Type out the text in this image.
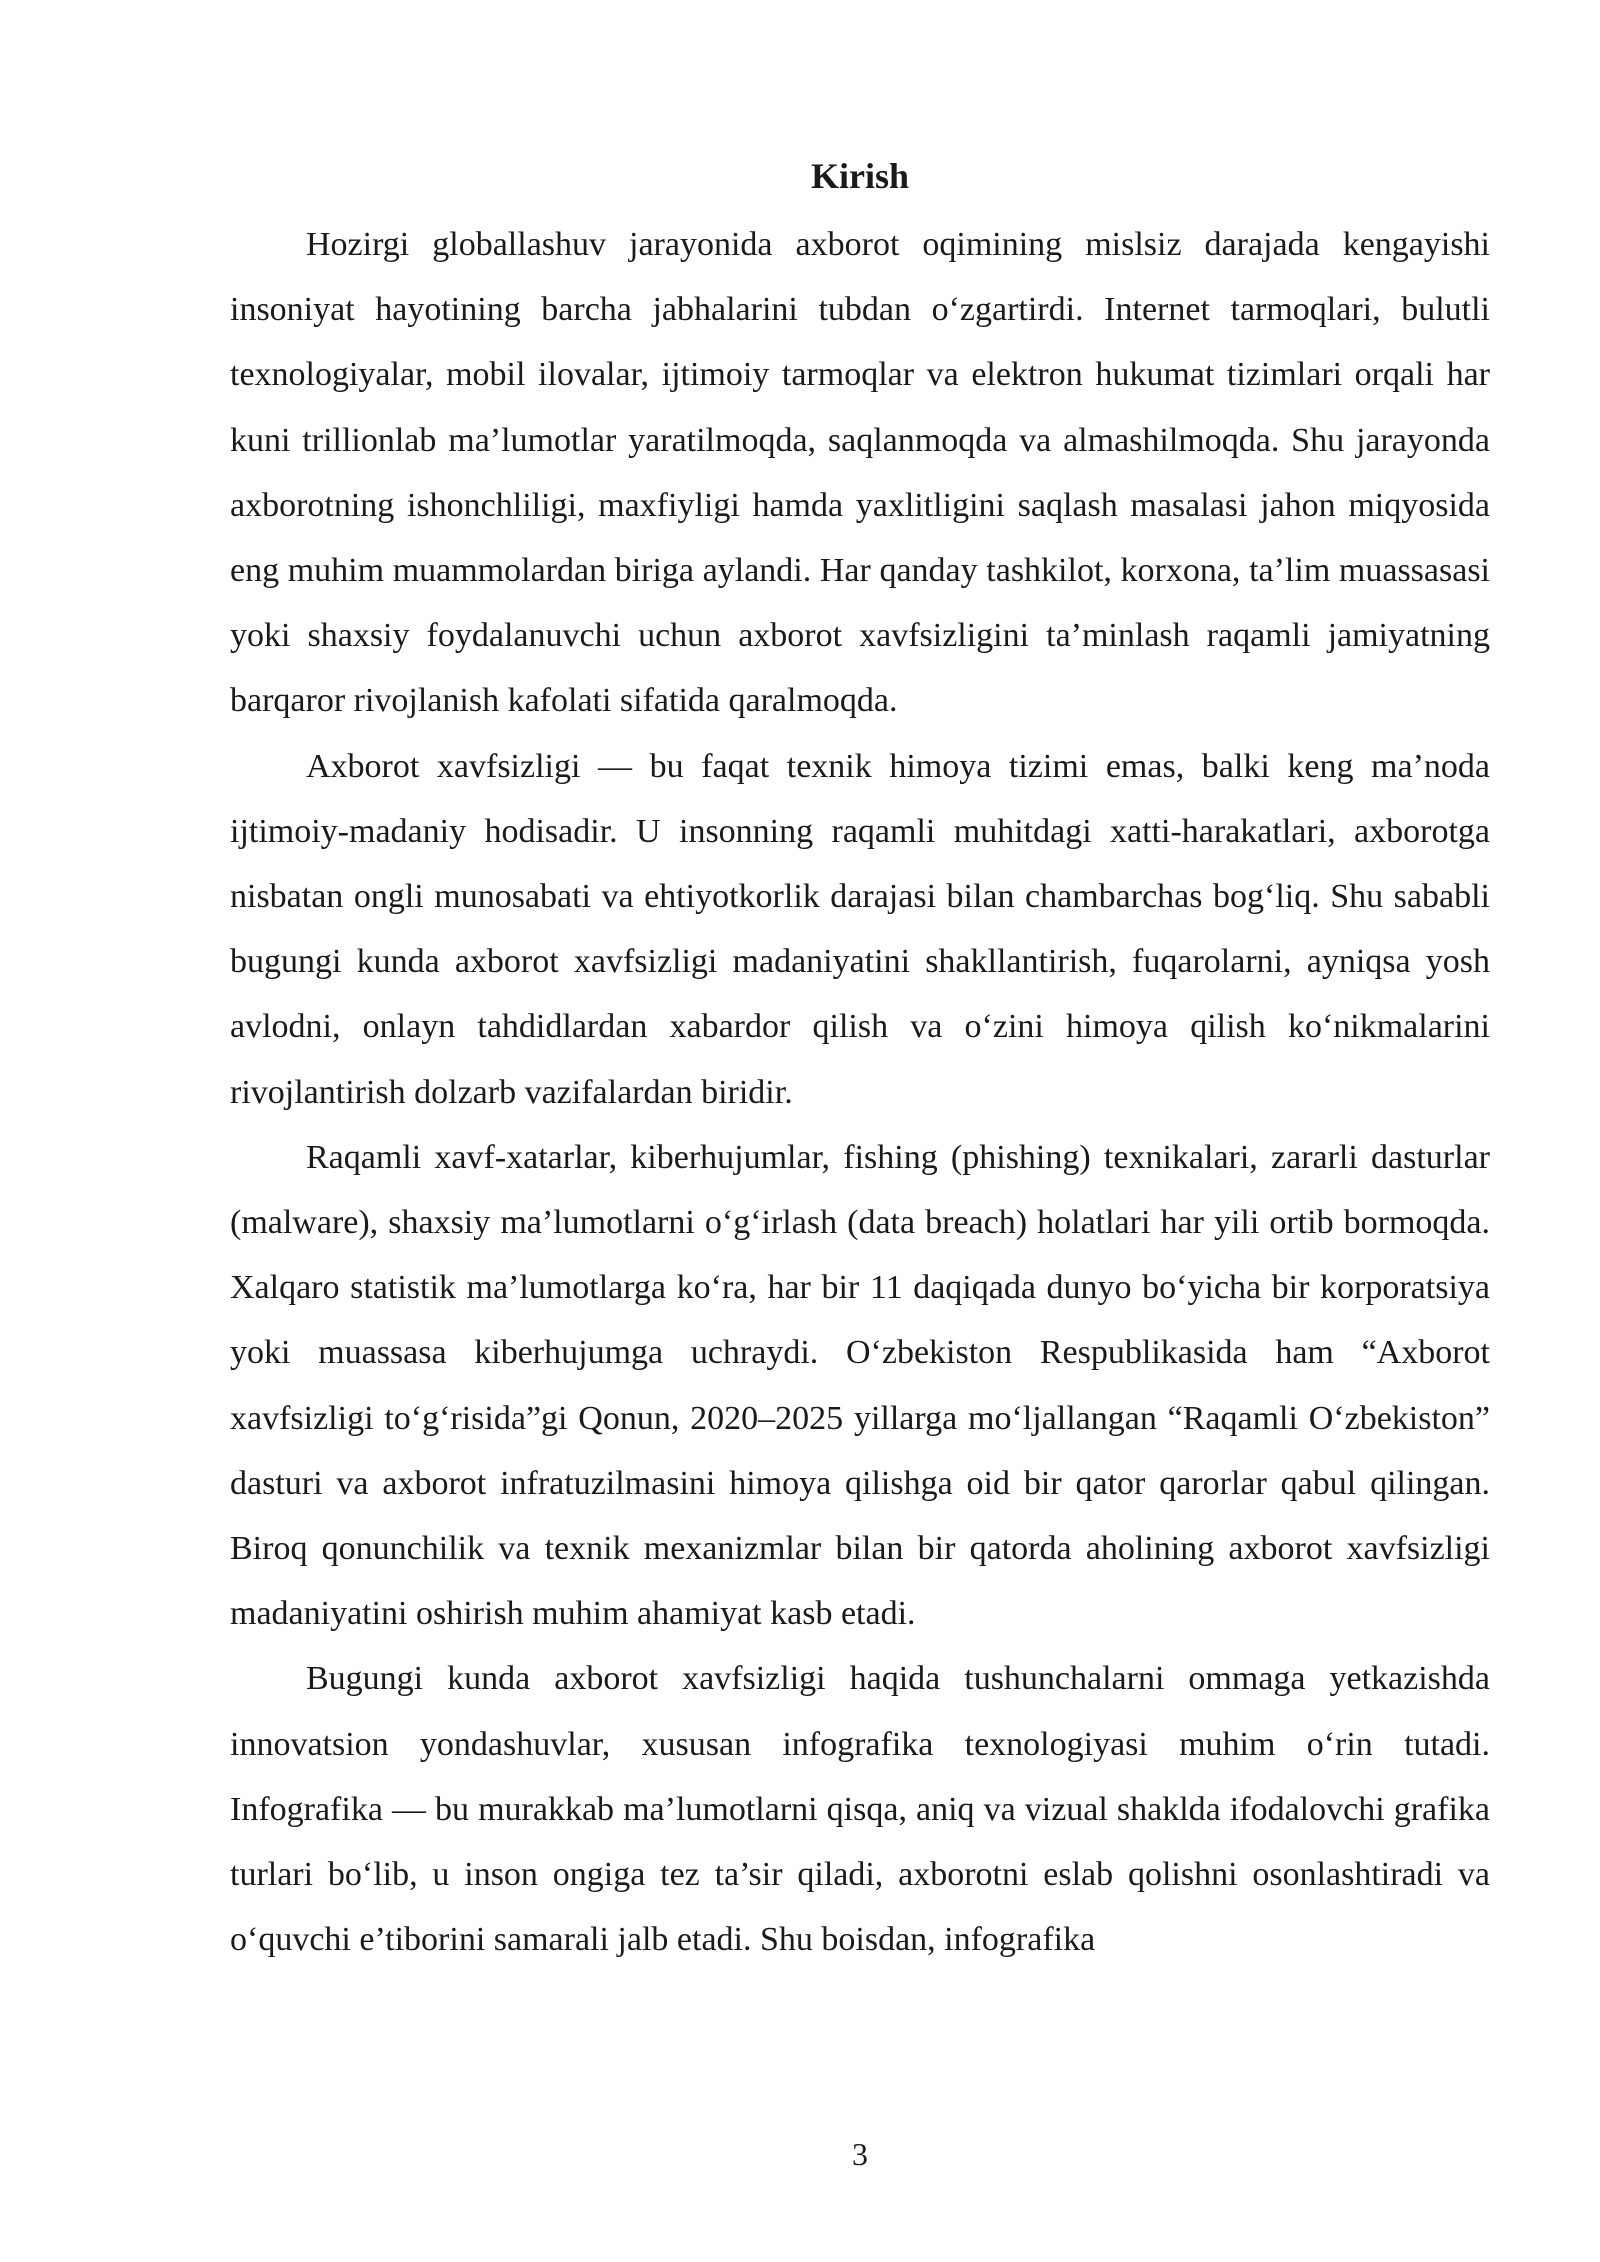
Kirish

Hozirgi globallashuv jarayonida axborot oqimining mislsiz darajada kengayishi insoniyat hayotining barcha jabhalarini tubdan o‘zgartirdi. Internet tarmoqlari, bulutli texnologiyalar, mobil ilovalar, ijtimoiy tarmoqlar va elektron hukumat tizimlari orqali har kuni trillionlab ma’lumotlar yaratilmoqda, saqlanmoqda va almashilmoqda. Shu jarayonda axborotning ishonchliligi, maxfiyligi hamda yaxlitligini saqlash masalasi jahon miqyosida eng muhim muammolardan biriga aylandi. Har qanday tashkilot, korxona, ta’lim muassasasi yoki shaxsiy foydalanuvchi uchun axborot xavfsizligini ta’minlash raqamli jamiyatning barqaror rivojlanish kafolati sifatida qaralmoqda.

Axborot xavfsizligi — bu faqat texnik himoya tizimi emas, balki keng ma’noda ijtimoiy-madaniy hodisadir. U insonning raqamli muhitdagi xatti-harakatlari, axborotga nisbatan ongli munosabati va ehtiyotkorlik darajasi bilan chambarchas bog‘liq. Shu sababli bugungi kunda axborot xavfsizligi madaniyatini shakllantirish, fuqarolarni, ayniqsa yosh avlodni, onlayn tahdidlardan xabardor qilish va o‘zini himoya qilish ko‘nikmalarini rivojlantirish dolzarb vazifalardan biridir.

Raqamli xavf-xatarlar, kiberhujumlar, fishing (phishing) texnikalari, zararli dasturlar (malware), shaxsiy ma’lumotlarni o‘g‘irlash (data breach) holatlari har yili ortib bormoqda. Xalqaro statistik ma’lumotlarga ko‘ra, har bir 11 daqiqada dunyo bo‘yicha bir korporatsiya yoki muassasa kiberhujumga uchraydi. O‘zbekiston Respublikasida ham “Axborot xavfsizligi to‘g‘risida”gi Qonun, 2020–2025 yillarga mo‘ljallangan “Raqamli O‘zbekiston” dasturi va axborot infratuzilmasini himoya qilishga oid bir qator qarorlar qabul qilingan. Biroq qonunchilik va texnik mexanizmlar bilan bir qatorda aholining axborot xavfsizligi madaniyatini oshirish muhim ahamiyat kasb etadi.

Bugungi kunda axborot xavfsizligi haqida tushunchalarni ommaga yetkazishda innovatsion yondashuvlar, xususan infografika texnologiyasi muhim o‘rin tutadi. Infografika — bu murakkab ma’lumotlarni qisqa, aniq va vizual shaklda ifodalovchi grafika turlari bo‘lib, u inson ongiga tez ta’sir qiladi, axborotni eslab qolishni osonlashtiradi va o‘quvchi e’tiborini samarali jalb etadi. Shu boisdan, infografika

3
